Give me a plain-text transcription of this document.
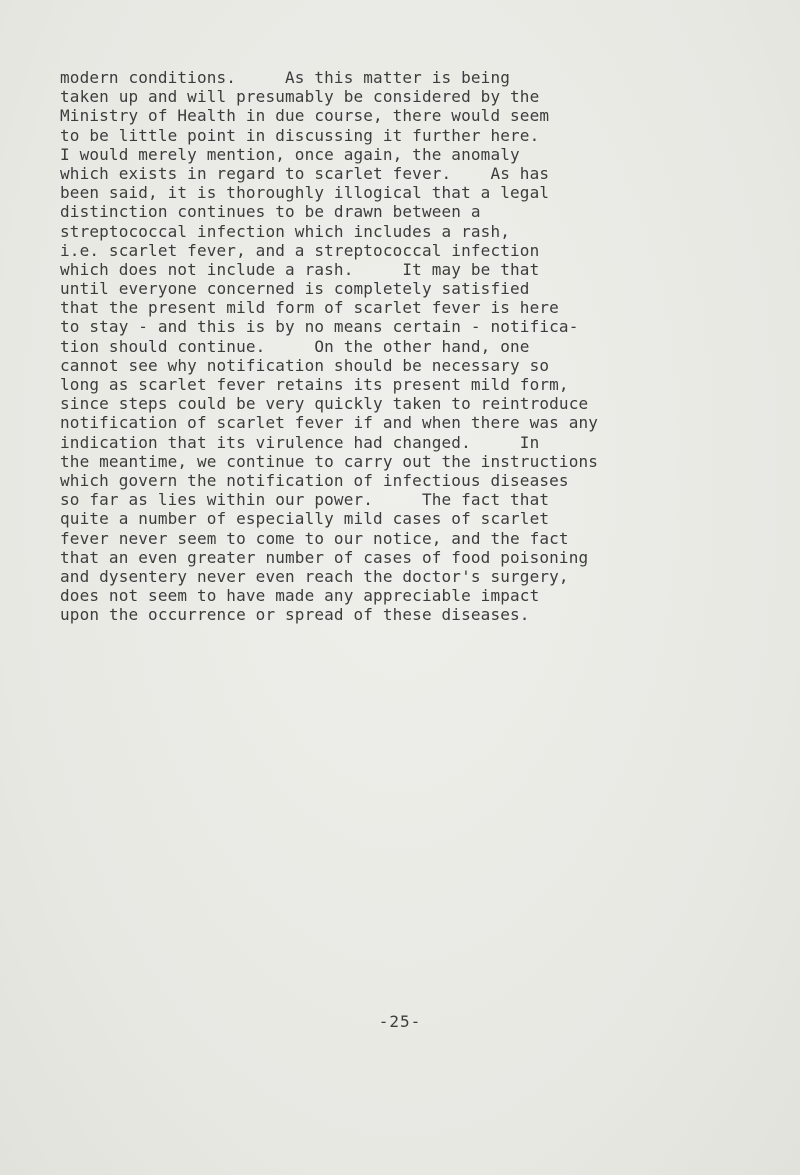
modern conditions.     As this matter is being
taken up and will presumably be considered by the
Ministry of Health in due course, there would seem
to be little point in discussing it further here.
I would merely mention, once again, the anomaly
which exists in regard to scarlet fever.    As has
been said, it is thoroughly illogical that a legal
distinction continues to be drawn between a
streptococcal infection which includes a rash,
i.e. scarlet fever, and a streptococcal infection
which does not include a rash.     It may be that
until everyone concerned is completely satisfied
that the present mild form of scarlet fever is here
to stay - and this is by no means certain - notifica-
tion should continue.     On the other hand, one
cannot see why notification should be necessary so
long as scarlet fever retains its present mild form,
since steps could be very quickly taken to reintroduce
notification of scarlet fever if and when there was any
indication that its virulence had changed.     In
the meantime, we continue to carry out the instructions
which govern the notification of infectious diseases
so far as lies within our power.     The fact that
quite a number of especially mild cases of scarlet
fever never seem to come to our notice, and the fact
that an even greater number of cases of food poisoning
and dysentery never even reach the doctor's surgery,
does not seem to have made any appreciable impact
upon the occurrence or spread of these diseases.
-25-
